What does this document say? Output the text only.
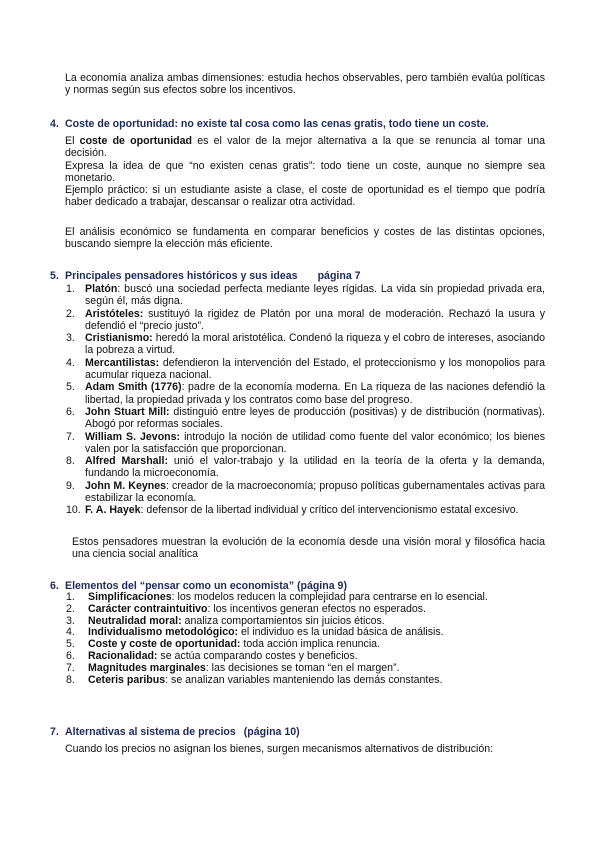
La economía analiza ambas dimensiones: estudia hechos observables, pero también evalúa políticas y normas según sus efectos sobre los incentivos.

4. Coste de oportunidad: no existe tal cosa como las cenas gratis, todo tiene un coste.

El coste de oportunidad es el valor de la mejor alternativa a la que se renuncia al tomar una decisión.

Expresa la idea de que “no existen cenas gratis”: todo tiene un coste, aunque no siempre sea monetario.

Ejemplo práctico: si un estudiante asiste a clase, el coste de oportunidad es el tiempo que podría haber dedicado a trabajar, descansar o realizar otra actividad.

El análisis económico se fundamenta en comparar beneficios y costes de las distintas opciones, buscando siempre la elección más eficiente.

5. Principales pensadores históricos y sus ideas página 7
1. Platón: buscó una sociedad perfecta mediante leyes rígidas. La vida sin propiedad privada era, según él, más digna.
2. Aristóteles: sustituyó la rigidez de Platón por una moral de moderación. Rechazó la usura y defendió el “precio justo”.
3. Cristianismo: heredó la moral aristotélica. Condenó la riqueza y el cobro de intereses, asociando la pobreza a virtud.
4. Mercantilistas: defendieron la intervención del Estado, el proteccionismo y los monopolios para acumular riqueza nacional.
5. Adam Smith (1776): padre de la economía moderna. En La riqueza de las naciones defendió la libertad, la propiedad privada y los contratos como base del progreso.
6. John Stuart Mill: distinguió entre leyes de producción (positivas) y de distribución (normativas). Abogó por reformas sociales.
7. William S. Jevons: introdujo la noción de utilidad como fuente del valor económico; los bienes valen por la satisfacción que proporcionan.
8. Alfred Marshall: unió el valor-trabajo y la utilidad en la teoría de la oferta y la demanda, fundando la microeconomía.
9. John M. Keynes: creador de la macroeconomía; propuso políticas gubernamentales activas para estabilizar la economía.
10. F. A. Hayek: defensor de la libertad individual y crítico del intervencionismo estatal excesivo.

Estos pensadores muestran la evolución de la economía desde una visión moral y filosófica hacia una ciencia social analítica

6. Elementos del “pensar como un economista” (página 9)
1.	Simplificaciones: los modelos reducen la complejidad para centrarse en lo esencial.
2.	Carácter contraintuitivo: los incentivos generan efectos no esperados.
3.	Neutralidad moral: analiza comportamientos sin juicios éticos.
4.	Individualismo metodológico: el individuo es la unidad básica de análisis.
5.	Coste y coste de oportunidad: toda acción implica renuncia.
6.	Racionalidad: se actúa comparando costes y beneficios.
7.	Magnitudes marginales: las decisiones se toman “en el margen”.
8.	Ceteris paribus: se analizan variables manteniendo las demás constantes.
7. Alternativas al sistema de precios (página 10)

Cuando los precios no asignan los bienes, surgen mecanismos alternativos de distribución:
